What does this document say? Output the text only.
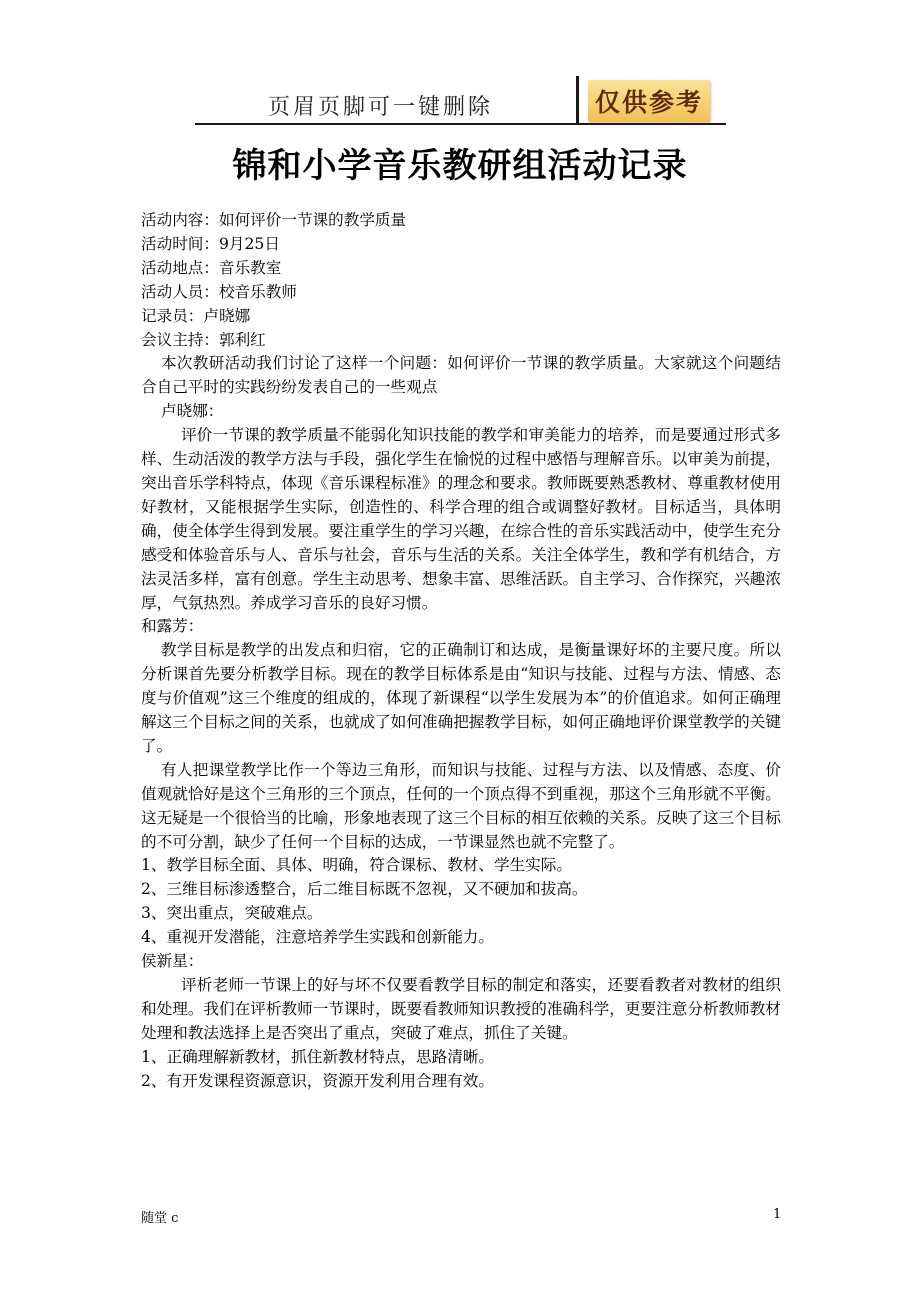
页眉页脚可一键删除	仅供参考
锦和小学音乐教研组活动记录
活动内容：如何评价一节课的教学质量
活动时间：9月25日
活动地点：音乐教室
活动人员：校音乐教师
记录员：卢晓娜
会议主持：郭利红
本次教研活动我们讨论了这样一个问题：如何评价一节课的教学质量。大家就这个问题结合自己平时的实践纷纷发表自己的一些观点
卢晓娜：
评价一节课的教学质量不能弱化知识技能的教学和审美能力的培养，而是要通过形式多样、生动活泼的教学方法与手段，强化学生在愉悦的过程中感悟与理解音乐。以审美为前提，突出音乐学科特点，体现《音乐课程标准》的理念和要求。教师既要熟悉教材、尊重教材使用好教材，又能根据学生实际，创造性的、科学合理的组合或调整好教材。目标适当，具体明确，使全体学生得到发展。要注重学生的学习兴趣，在综合性的音乐实践活动中，使学生充分感受和体验音乐与人、音乐与社会，音乐与生活的关系。关注全体学生，教和学有机结合，方法灵活多样，富有创意。学生主动思考、想象丰富、思维活跃。自主学习、合作探究，兴趣浓厚，气氛热烈。养成学习音乐的良好习惯。
和露芳：
教学目标是教学的出发点和归宿，它的正确制订和达成，是衡量课好坏的主要尺度。所以分析课首先要分析教学目标。现在的教学目标体系是由“知识与技能、过程与方法、情感、态度与价值观”这三个维度的组成的，体现了新课程“以学生发展为本”的价值追求。如何正确理解这三个目标之间的关系，也就成了如何准确把握教学目标，如何正确地评价课堂教学的关键了。
有人把课堂教学比作一个等边三角形，而知识与技能、过程与方法、以及情感、态度、价值观就恰好是这个三角形的三个顶点，任何的一个顶点得不到重视，那这个三角形就不平衡。这无疑是一个很恰当的比喻，形象地表现了这三个目标的相互依赖的关系。反映了这三个目标的不可分割，缺少了任何一个目标的达成，一节课显然也就不完整了。
1、教学目标全面、具体、明确，符合课标、教材、学生实际。
2、三维目标渗透整合，后二维目标既不忽视，又不硬加和拔高。
3、突出重点，突破难点。
4、重视开发潜能，注意培养学生实践和创新能力。
侯新星：
评析老师一节课上的好与坏不仅要看教学目标的制定和落实，还要看教者对教材的组织和处理。我们在评析教师一节课时，既要看教师知识教授的准确科学，更要注意分析教师教材处理和教法选择上是否突出了重点，突破了难点，抓住了关键。
1、正确理解新教材，抓住新教材特点，思路清晰。
2、有开发课程资源意识，资源开发利用合理有效。
随堂 c	1
